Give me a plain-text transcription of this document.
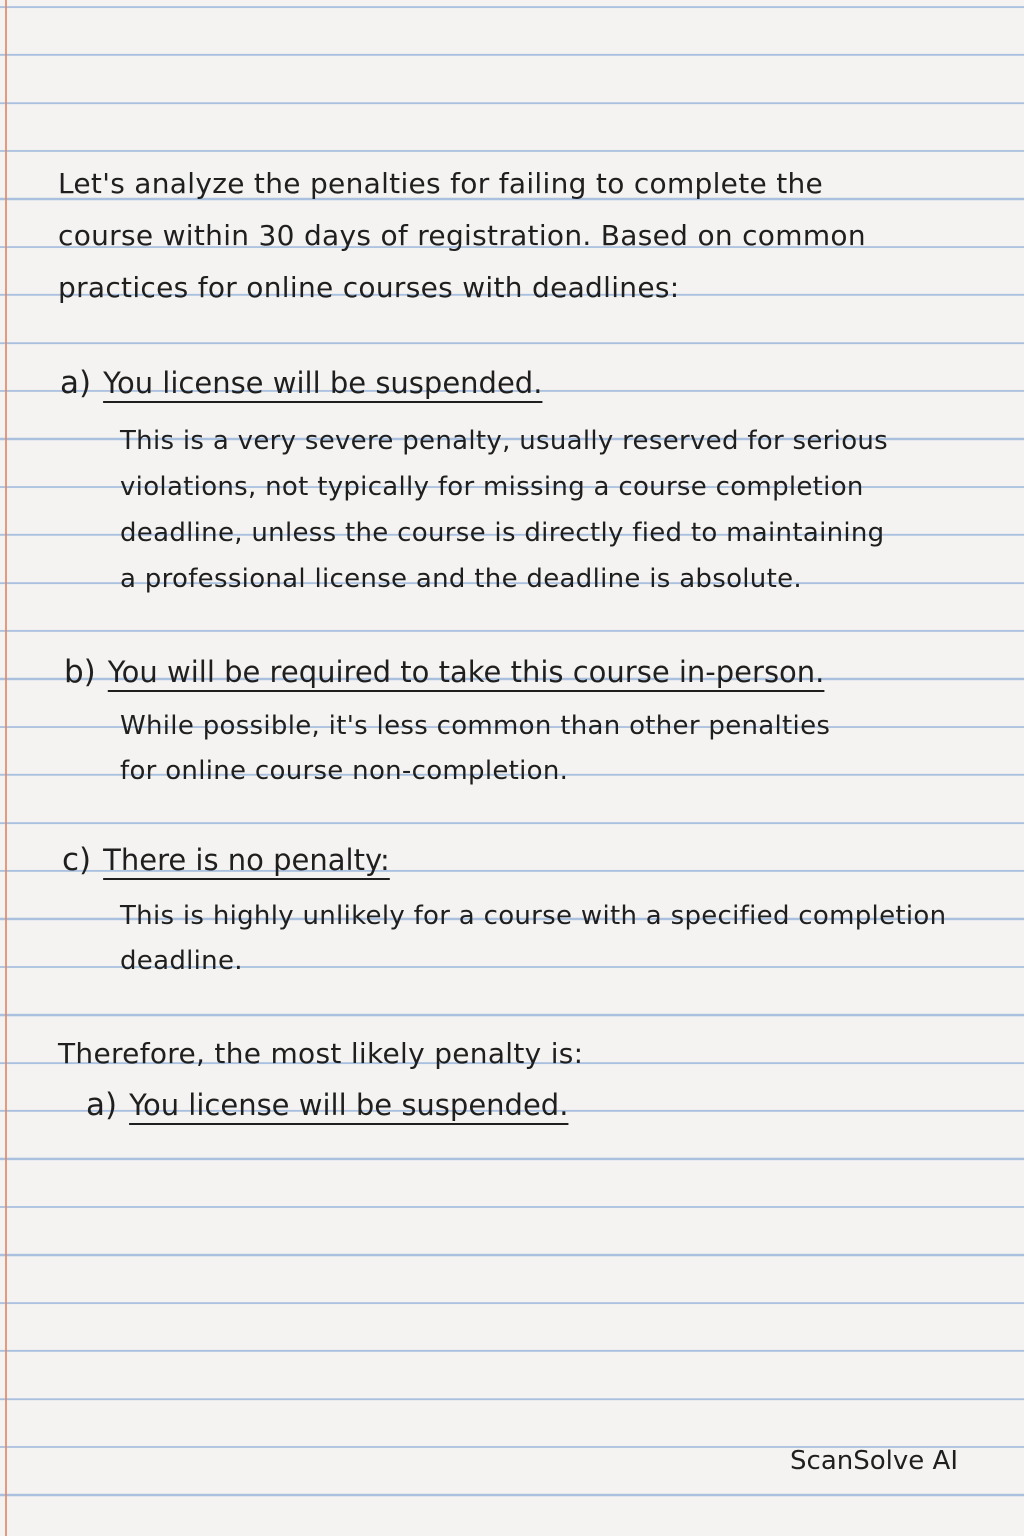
Let's analyze the penalties for failing to complete the
course within 30 days of registration. Based on common
practices for online courses with deadlines:
a) You license will be suspended.
This is a very severe penalty, usually reserved for serious
violations, not typically for missing a course completion
deadline, unless the course is directly fied to maintaining
a professional license and the deadline is absolute.
b) You will be required to take this course in-person.
While possible, it's less common than other penalties
for online course non-completion.
c) There is no penalty:
This is highly unlikely for a course with a specified completion
deadline.
Therefore, the most likely penalty is:
a) You license will be suspended.
ScanSolve AI
